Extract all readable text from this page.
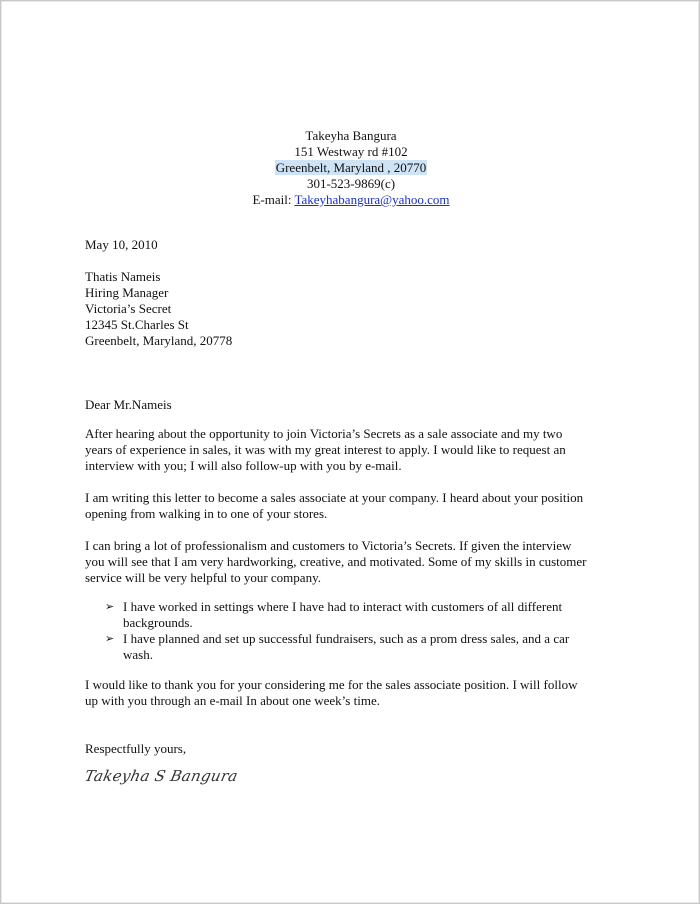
Takeyha Bangura
151 Westway rd #102
Greenbelt, Maryland , 20770
301-523-9869(c)
E-mail: Takeyhabangura@yahoo.com
May 10, 2010
Thatis Nameis
Hiring Manager
Victoria’s Secret
12345 St.Charles St
Greenbelt, Maryland, 20778
Dear Mr.Nameis
After hearing about the opportunity to join Victoria’s Secrets as a sale associate and my two
years of experience in sales, it was with my great interest to apply. I would like to request an
interview with you; I will also follow-up with you by e-mail.
I am writing this letter to become a sales associate at your company. I heard about your position
opening from walking in to one of your stores.
I can bring a lot of professionalism and customers to Victoria’s Secrets. If given the interview
you will see that I am very hardworking, creative, and motivated. Some of my skills in customer
service will be very helpful to your company.
➢ I have worked in settings where I have had to interact with customers of all different
backgrounds.
➢ I have planned and set up successful fundraisers, such as a prom dress sales, and a car
wash.
I would like to thank you for your considering me for the sales associate position. I will follow
up with you through an e-mail In about one week’s time.
Respectfully yours,
Takeyha S Bangura
